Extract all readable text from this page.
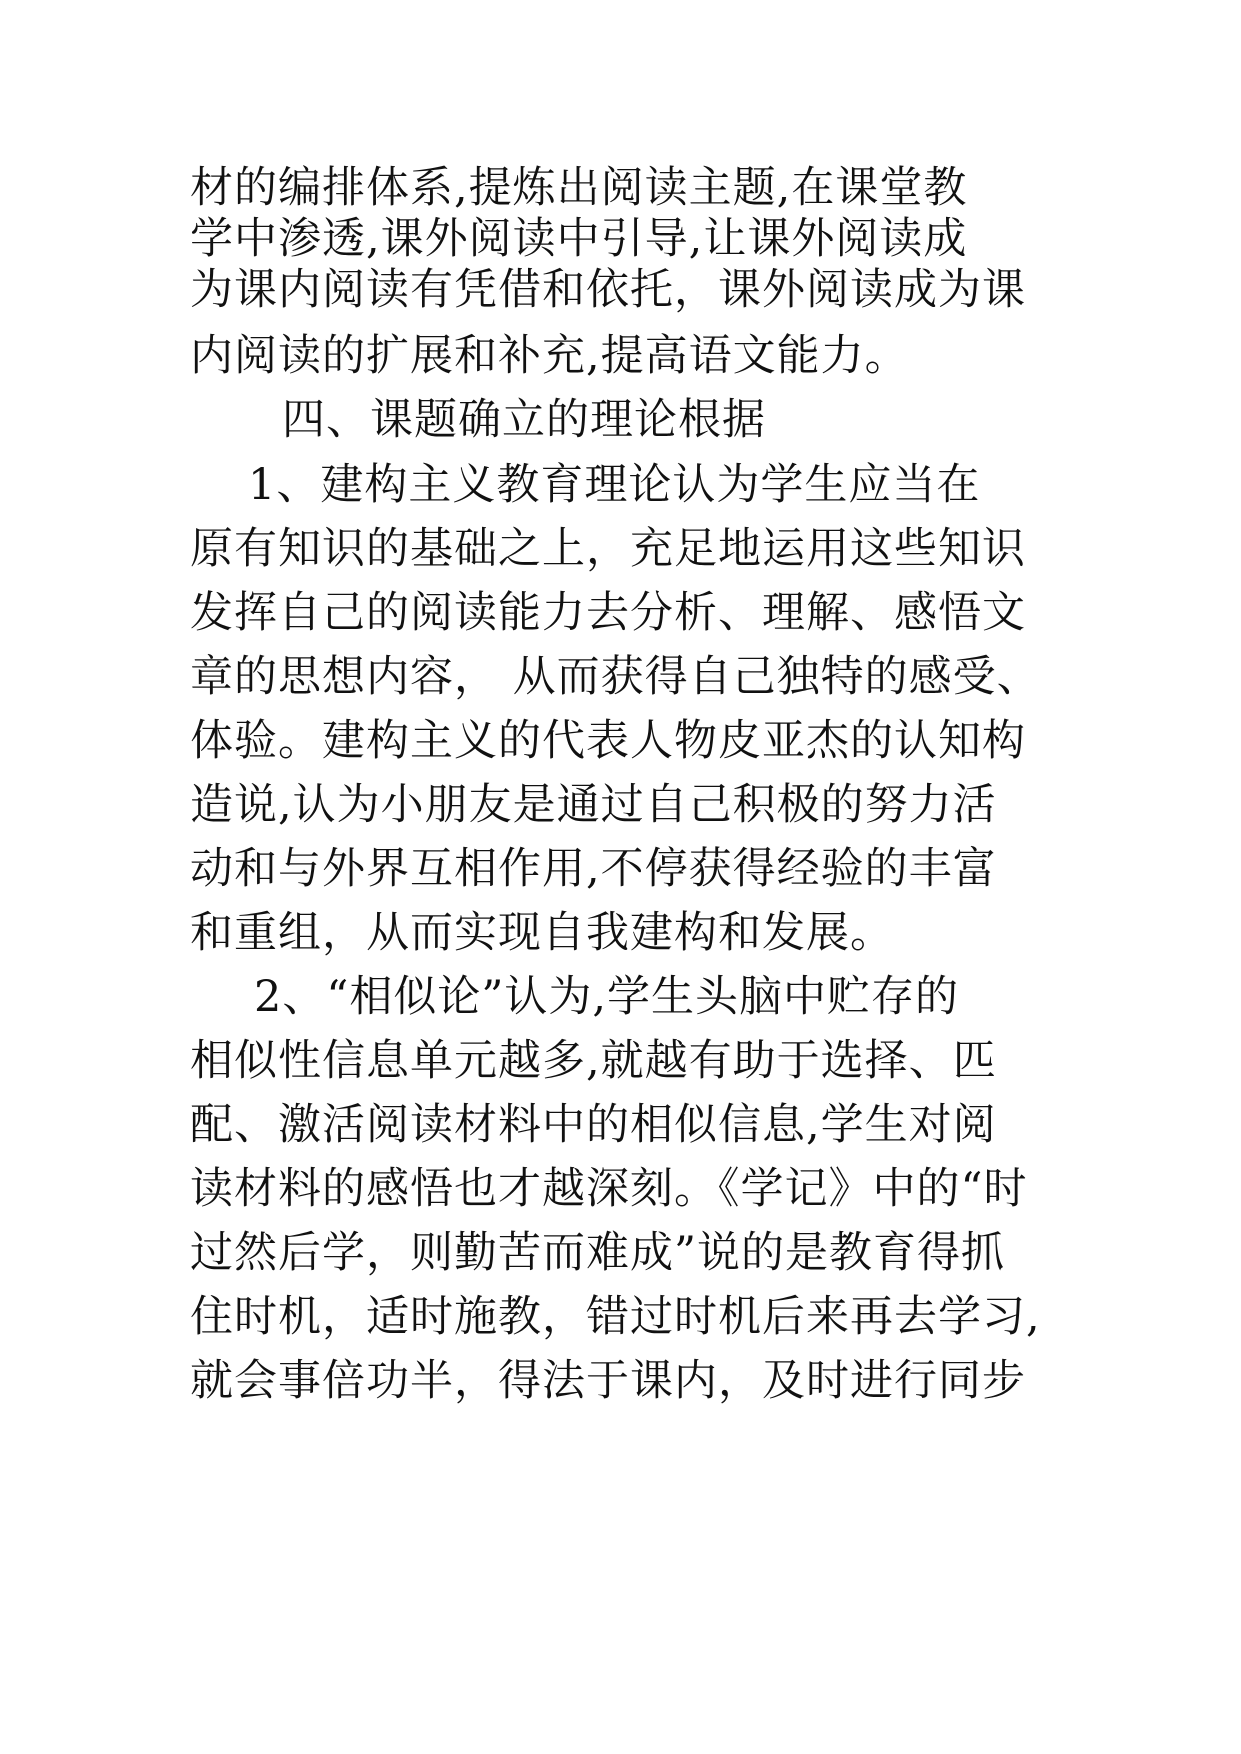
材的编排体系,提炼出阅读主题,在课堂教
学中渗透,课外阅读中引导,让课外阅读成
为课内阅读有凭借和依托，课外阅读成为课
内阅读的扩展和补充,提高语文能力。
四、课题确立的理论根据
1、建构主义教育理论认为学生应当在
原有知识的基础之上，充足地运用这些知识
发挥自己的阅读能力去分析、理解、感悟文
章的思想内容， 从而获得自己独特的感受、
体验。建构主义的代表人物皮亚杰的认知构
造说,认为小朋友是通过自己积极的努力活
动和与外界互相作用,不停获得经验的丰富
和重组，从而实现自我建构和发展。
2、“相似论”认为,学生头脑中贮存的
相似性信息单元越多,就越有助于选择、匹
配、激活阅读材料中的相似信息,学生对阅
读材料的感悟也才越深刻。《学记》中的“时
过然后学，则勤苦而难成”说的是教育得抓
住时机，适时施教，错过时机后来再去学习,
就会事倍功半，得法于课内，及时进行同步
